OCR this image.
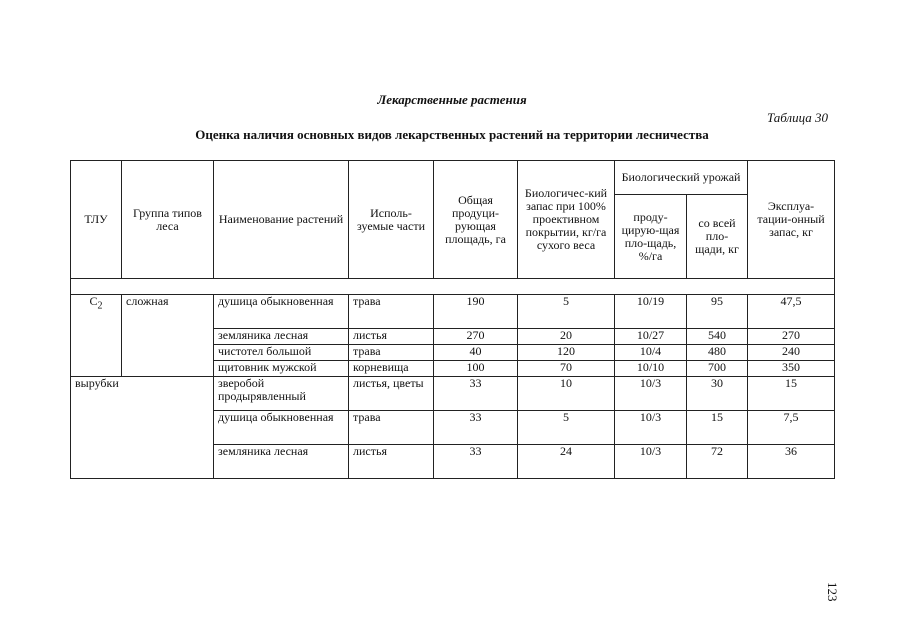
Лекарственные растения
Таблица 30
Оценка наличия основных видов лекарственных растений на территории лесничества
ТЛУ	Группа типов леса	Наименование растений	Исполь-зуемые части	Общая продуци-рующая площадь, га	Биологичес-кий запас при 100% проективном покрытии, кг/га сухого веса	Биологический урожай		Эксплуа-тации-онный запас, кг
						проду-цирую-щая пло-щадь, %/га	со всей пло-щади, кг	

$C_2$	сложная	душица обыкновенная	трава	190	5	10/19	95	47,5
		земляника лесная	листья	270	20	10/27	540	270
		чистотел большой	трава	40	120	10/4	480	240
		щитовник мужской	корневища	100	70	10/10	700	350
вырубки		зверобой продырявленный	листья, цветы	33	10	10/3	30	15
		душица обыкновенная	трава	33	5	10/3	15	7,5
		земляника лесная	листья	33	24	10/3	72	36
123
